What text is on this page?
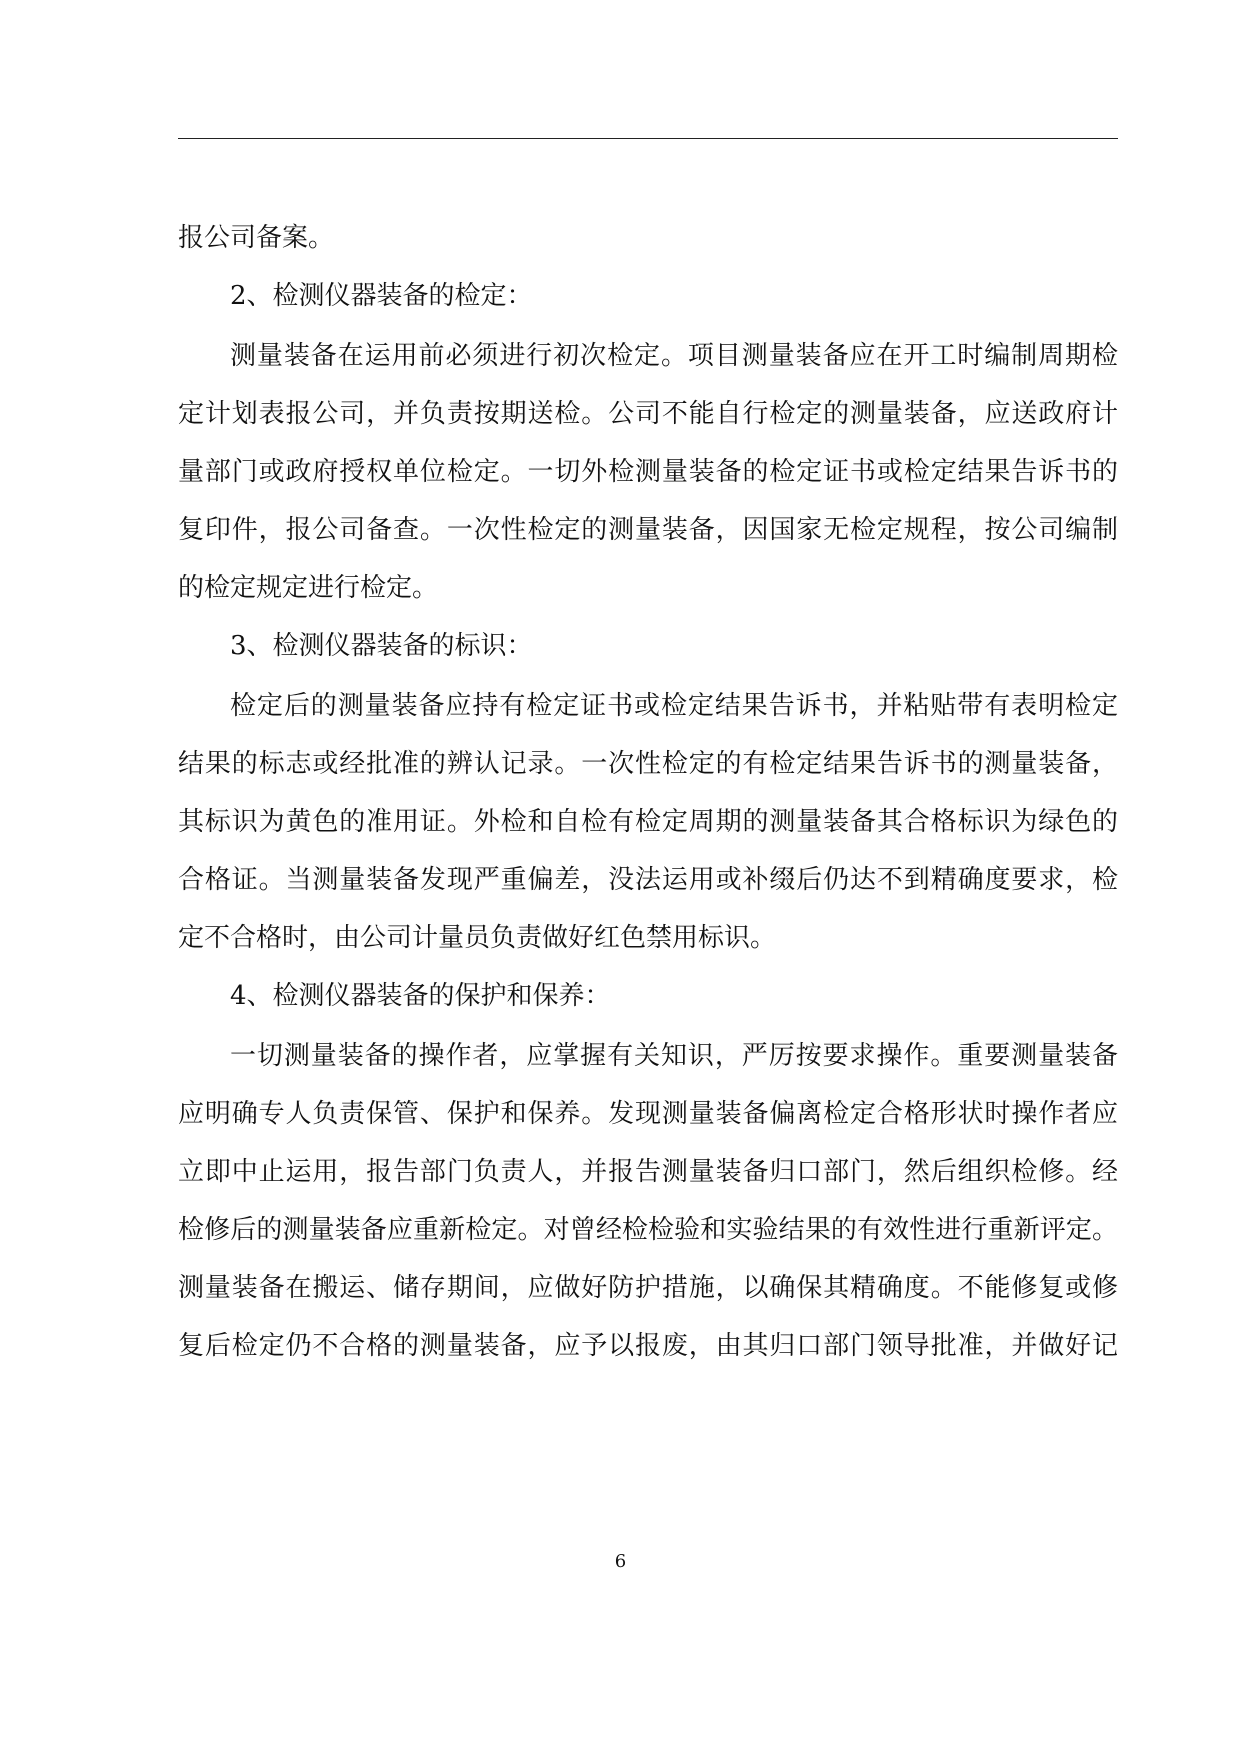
报公司备案。
2、检测仪器装备的检定：
测量装备在运用前必须进行初次检定。项目测量装备应在开工时编制周期检
定计划表报公司，并负责按期送检。公司不能自行检定的测量装备，应送政府计
量部门或政府授权单位检定。一切外检测量装备的检定证书或检定结果告诉书的
复印件，报公司备查。一次性检定的测量装备，因国家无检定规程，按公司编制
的检定规定进行检定。
3、检测仪器装备的标识：
检定后的测量装备应持有检定证书或检定结果告诉书，并粘贴带有表明检定
结果的标志或经批准的辨认记录。一次性检定的有检定结果告诉书的测量装备，
其标识为黄色的准用证。外检和自检有检定周期的测量装备其合格标识为绿色的
合格证。当测量装备发现严重偏差，没法运用或补缀后仍达不到精确度要求，检
定不合格时，由公司计量员负责做好红色禁用标识。
4、检测仪器装备的保护和保养：
一切测量装备的操作者，应掌握有关知识，严厉按要求操作。重要测量装备
应明确专人负责保管、保护和保养。发现测量装备偏离检定合格形状时操作者应
立即中止运用，报告部门负责人，并报告测量装备归口部门，然后组织检修。经
检修后的测量装备应重新检定。对曾经检检验和实验结果的有效性进行重新评定。
测量装备在搬运、储存期间，应做好防护措施，以确保其精确度。不能修复或修
复后检定仍不合格的测量装备，应予以报废，由其归口部门领导批准，并做好记
6
